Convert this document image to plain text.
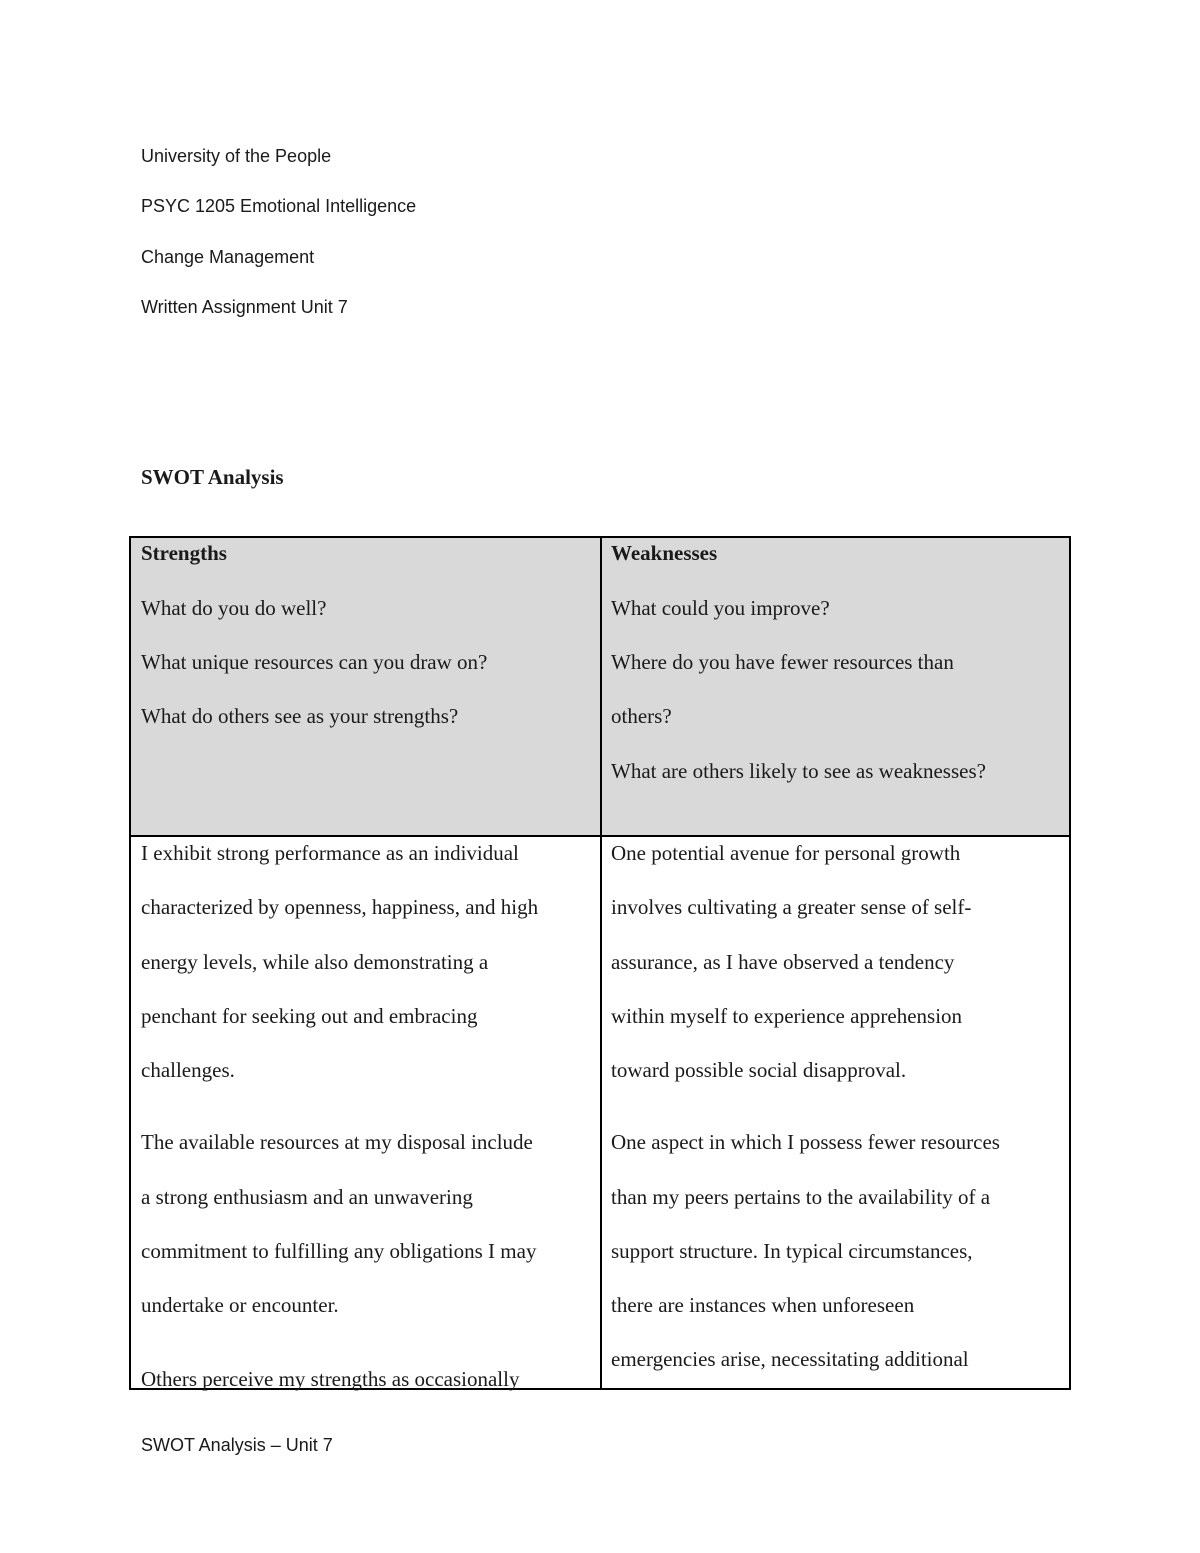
University of the People
PSYC 1205 Emotional Intelligence
Change Management
Written Assignment Unit 7
SWOT Analysis
Strengths
What do you do well?
What unique resources can you draw on?
What do others see as your strengths?
I exhibit strong performance as an individual
characterized by openness, happiness, and high
energy levels, while also demonstrating a
penchant for seeking out and embracing
challenges.
The available resources at my disposal include
a strong enthusiasm and an unwavering
commitment to fulfilling any obligations I may
undertake or encounter.
Others perceive my strengths as occasionally
Weaknesses
What could you improve?
Where do you have fewer resources than
others?
What are others likely to see as weaknesses?
One potential avenue for personal growth
involves cultivating a greater sense of self-
assurance, as I have observed a tendency
within myself to experience apprehension
toward possible social disapproval.
One aspect in which I possess fewer resources
than my peers pertains to the availability of a
support structure. In typical circumstances,
there are instances when unforeseen
emergencies arise, necessitating additional
SWOT Analysis – Unit 7
